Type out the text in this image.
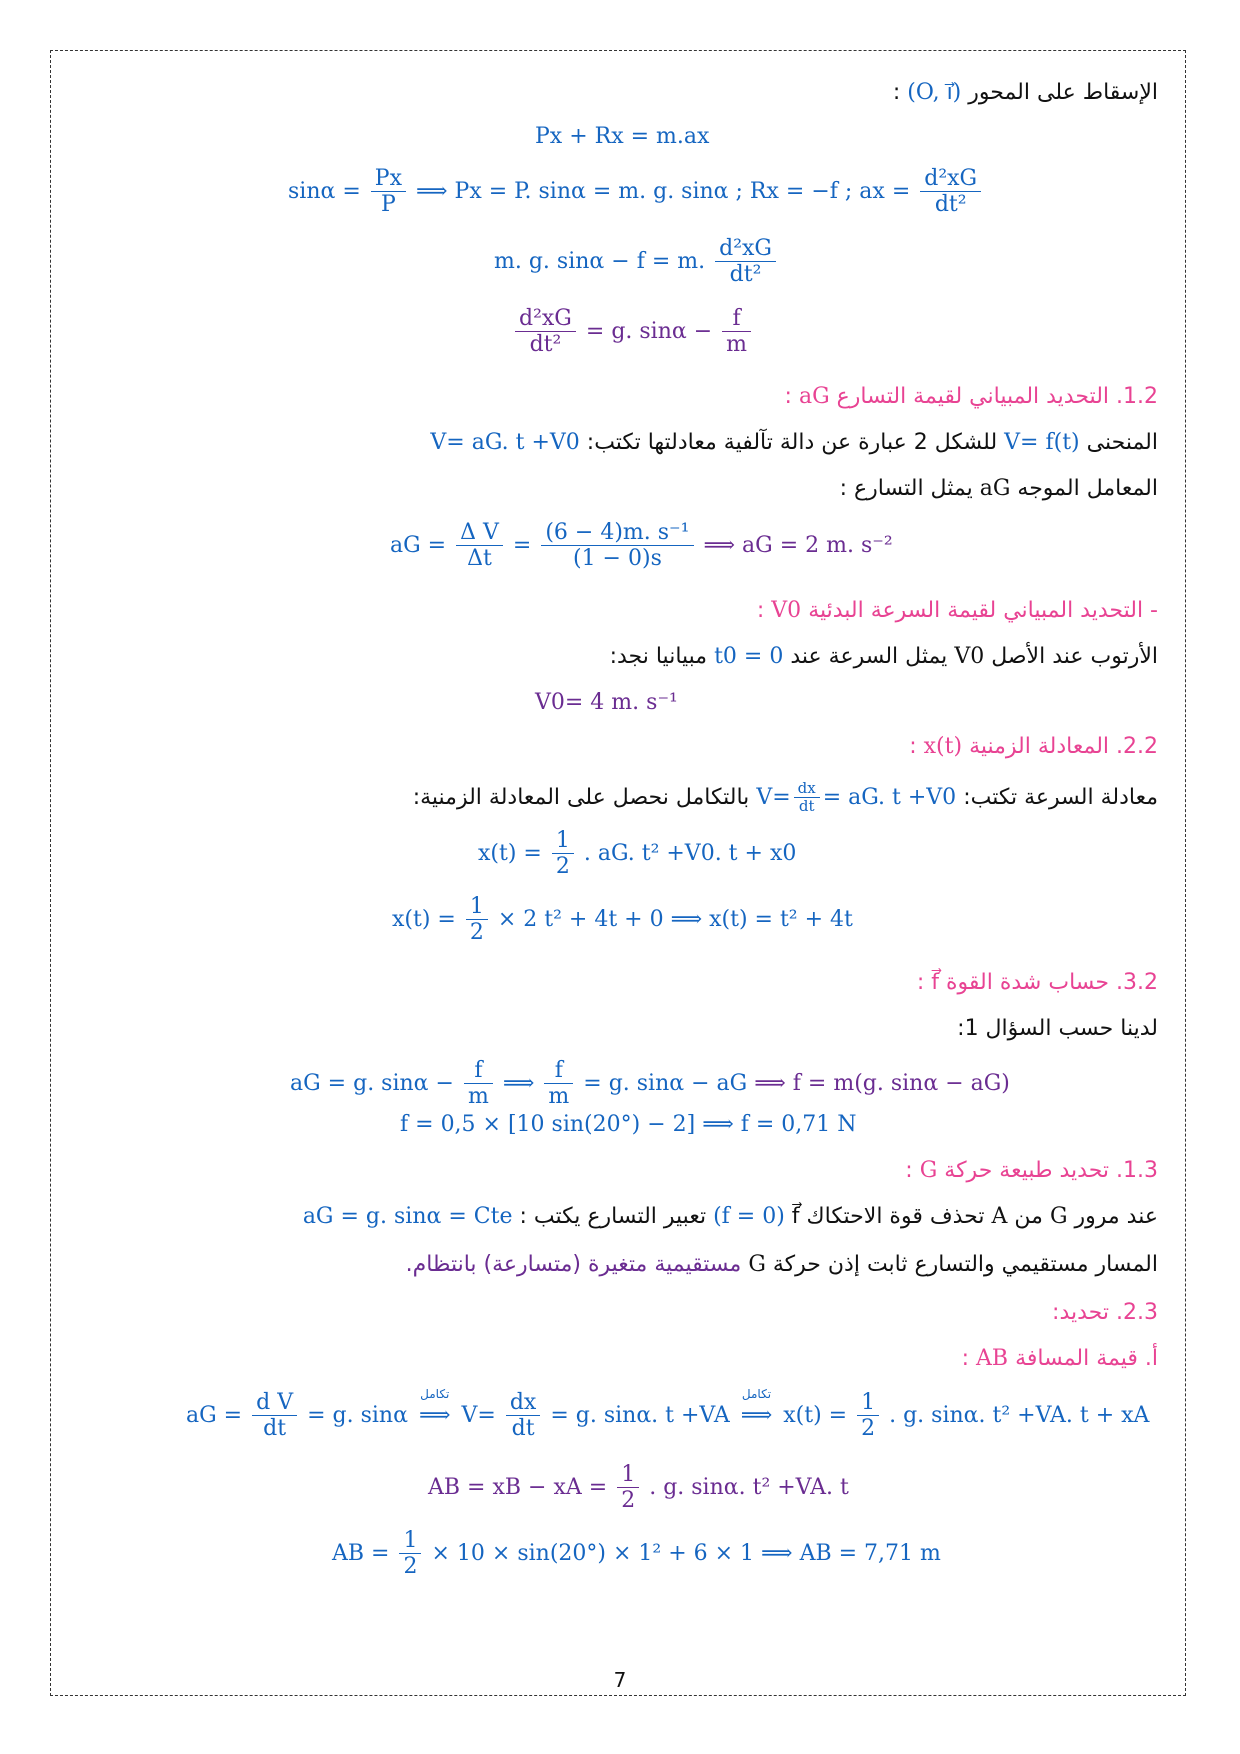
الإسقاط على المحور (O, i⃗) :
Px + Rx = m.ax
$\sin\alpha = \frac{Px}{P}$ ⟹ Px = P. sinα = m. g. sinα ; Rx = −f ; ax = $\frac{\text{d²xG}}{\text{dt²}}$
m. g. sinα − f = m. $\frac{\text{d²xG}}{\text{dt²}}$
$\frac{\text{d²xG}}{\text{dt²}} = g$. $\sin\alpha - \frac{f}{m}$
1.2. التحديد المبياني لقيمة التسارع aG :
المنحنى V= f(t) للشكل 2 عبارة عن دالة تآلفية معادلتها تكتب: V= aG. t +V0
المعامل الموجه aG يمثل التسارع :
aG = $\frac{\text{Δ V}}{\Delta t} = \frac{\text{(6 − 4)m. s⁻¹}}{(1 - 0)s}$ ⟹ aG = 2 m. s⁻²
- التحديد المبياني لقيمة السرعة البدئية V0 :
الأرتوب عند الأصل V0 يمثل السرعة عند t0 = 0 مبيانيا نجد:
V0= 4 m. s⁻¹
2.2. المعادلة الزمنية x(t) :
معادلة السرعة تكتب: $V= \frac{dx}{dt}$ = aG. t +V0 بالتكامل نحصل على المعادلة الزمنية:
$x(t) = \frac{1}{2}$ . aG. t² +V0. t + x0
$x(t) = \frac{1}{2} \times 2$ t² + 4t + 0 ⟹ x(t) = t² + 4t
3.2. حساب شدة القوة f⃗ :
لدينا حسب السؤال 1:
aG = g. $\sin\alpha - \frac{f}{m}$ ⟹ $\frac{f}{m} = g$. sinα − aG ⟹ f = m(g. sinα − aG)
f = 0,5 × [10 sin(20°) − 2] ⟹ f = 0,71 N
1.3. تحديد طبيعة حركة G :
عند مرور G من A تحذف قوة الاحتكاك f⃗ (f = 0) تعبير التسارع يكتب : aG = g. sinα = Cte
المسار مستقيمي والتسارع ثابت إذن حركة G مستقيمية متغيرة (متسارعة) بانتظام.
2.3. تحديد:
أ. قيمة المسافة AB :
aG = $\frac{\text{d V}}{dt} = g$. sinα
تكامل
⟹ $V= \frac{dx}{dt} = g$. sinα. t +VA
تكامل
⟹ $x(t) = \frac{1}{2}$ . g. sinα. t² +VA. t + xA
AB = xB − xA = $\frac{1}{2}$ . g. sinα. t² +VA. t
AB = $\frac{1}{2} \times 10 \times \sin(20^\circ) \times 1^2 + 6 \times 1$ ⟹ AB = 7,71 m
7
